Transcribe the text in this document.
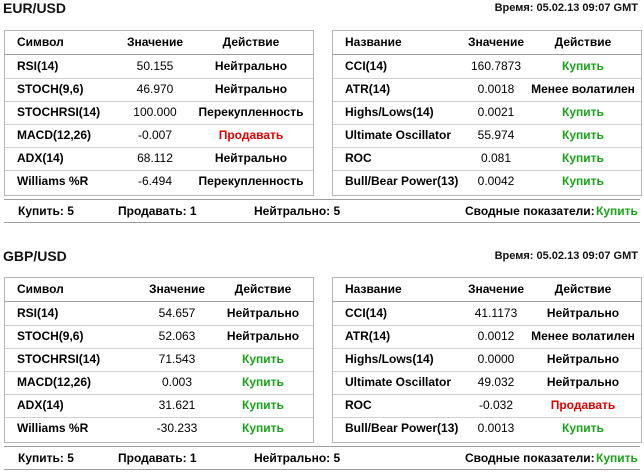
EUR/USD	Время: 05.02.13 09:07 GMT
Символ	Значение	Действие
RSI(14)	50.155	Нейтрально
STOCH(9,6)	46.970	Нейтрально
STOCHRSI(14)	100.000 Перекупленность
MACD(12,26)	-0.007	Продавать
ADX(14)	68.112	Нейтрально
Williams %R	-6.494 Перекупленность
Название	Значение	Действие
CCI(14)	160.7873	Купить
ATR(14)	0.0018 Менее волатилен
Highs/Lows(14)	0.0021	Купить
Ultimate Oscillator 55.974	Купить
ROC	0.081	Купить
Bull/Bear Power(13) 0.0042	Купить
Купить: 5	Продавать: 1	Нейтрально: 5	Сводные показатели: Купить
GBP/USD	Время: 05.02.13 09:07 GMT
Символ	Значение Действие
RSI(14)	54.657	Нейтрально
STOCH(9,6)	52.063	Нейтрально
STOCHRSI(14)	71.543	Купить
MACD(12,26)	0.003	Купить
ADX(14)	31.621	Купить
Williams %R	-30.233	Купить
Название	Значение	Действие
CCI(14)	41.1173 Нейтрально
ATR(14)	0.0012 Менее волатилен
Highs/Lows(14)	0.0000	Нейтрально
Ultimate Oscillator 49.032	Нейтрально
ROC	-0.032	Продавать
Bull/Bear Power(13) 0.0013	Купить
Купить: 5	Продавать: 1	Нейтрально: 5	Сводные показатели: Купить
